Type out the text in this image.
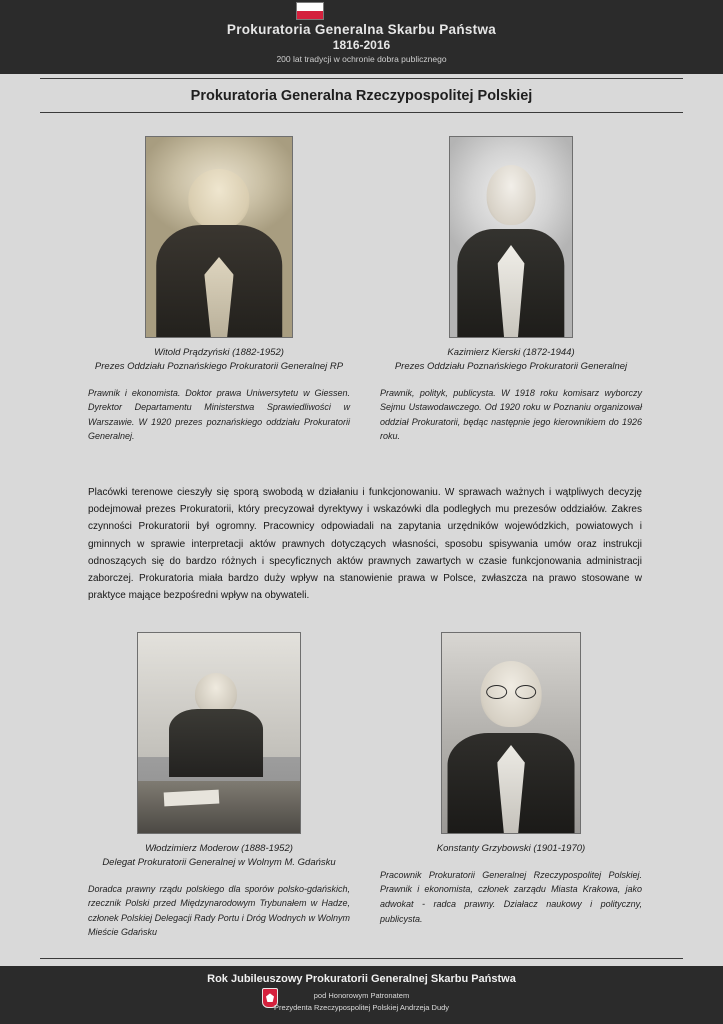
Prokuratoria Generalna Skarbu Państwa
1816-2016
200 lat tradycji w ochronie dobra publicznego
Prokuratoria Generalna Rzeczypospolitej Polskiej
Witold Prądzyński (1882-1952)
Prezes Oddziału Poznańskiego Prokuratorii Generalnej RP
Prawnik i ekonomista. Doktor prawa Uniwersytetu w Giessen. Dyrektor Departamentu Ministerstwa Sprawiedliwości w Warszawie. W 1920 prezes poznańskiego oddziału Prokuratorii Generalnej.
Kazimierz Kierski (1872-1944)
Prezes Oddziału Poznańskiego Prokuratorii Generalnej
Prawnik, polityk, publicysta. W 1918 roku komisarz wyborczy Sejmu Ustawodawczego. Od 1920 roku w Poznaniu organizował oddział Prokuratorii, będąc następnie jego kierownikiem do 1926 roku.
Placówki terenowe cieszyły się sporą swobodą w działaniu i funkcjonowaniu. W sprawach ważnych i wątpliwych decyzję podejmował prezes Prokuratorii, który precyzował dyrektywy i wskazówki dla podległych mu prezesów oddziałów. Zakres czynności Prokuratorii był ogromny. Pracownicy odpowiadali na zapytania urzędników wojewódzkich, powiatowych i gminnych w sprawie interpretacji aktów prawnych dotyczących własności, sposobu spisywania umów oraz instrukcji odnoszących się do bardzo różnych i specyficznych aktów prawnych zawartych w czasie funkcjonowania administracji zaborczej. Prokuratoria miała bardzo duży wpływ na stanowienie prawa w Polsce, zwłaszcza na prawo stosowane w praktyce mające bezpośredni wpływ na obywateli.
Włodzimierz Moderow (1888-1952)
Delegat Prokuratorii Generalnej w Wolnym M. Gdańsku
Doradca prawny rządu polskiego dla sporów polsko-gdańskich, rzecznik Polski przed Międzynarodowym Trybunałem w Hadze, członek Polskiej Delegacji Rady Portu i Dróg Wodnych w Wolnym Mieście Gdańsku
Konstanty Grzybowski (1901-1970)
Pracownik Prokuratorii Generalnej Rzeczypospolitej Polskiej. Prawnik i ekonomista, członek zarządu Miasta Krakowa, jako adwokat - radca prawny. Działacz naukowy i polityczny, publicysta.
Rok Jubileuszowy Prokuratorii Generalnej Skarbu Państwa
pod Honorowym Patronatem
Prezydenta Rzeczypospolitej Polskiej Andrzeja Dudy
